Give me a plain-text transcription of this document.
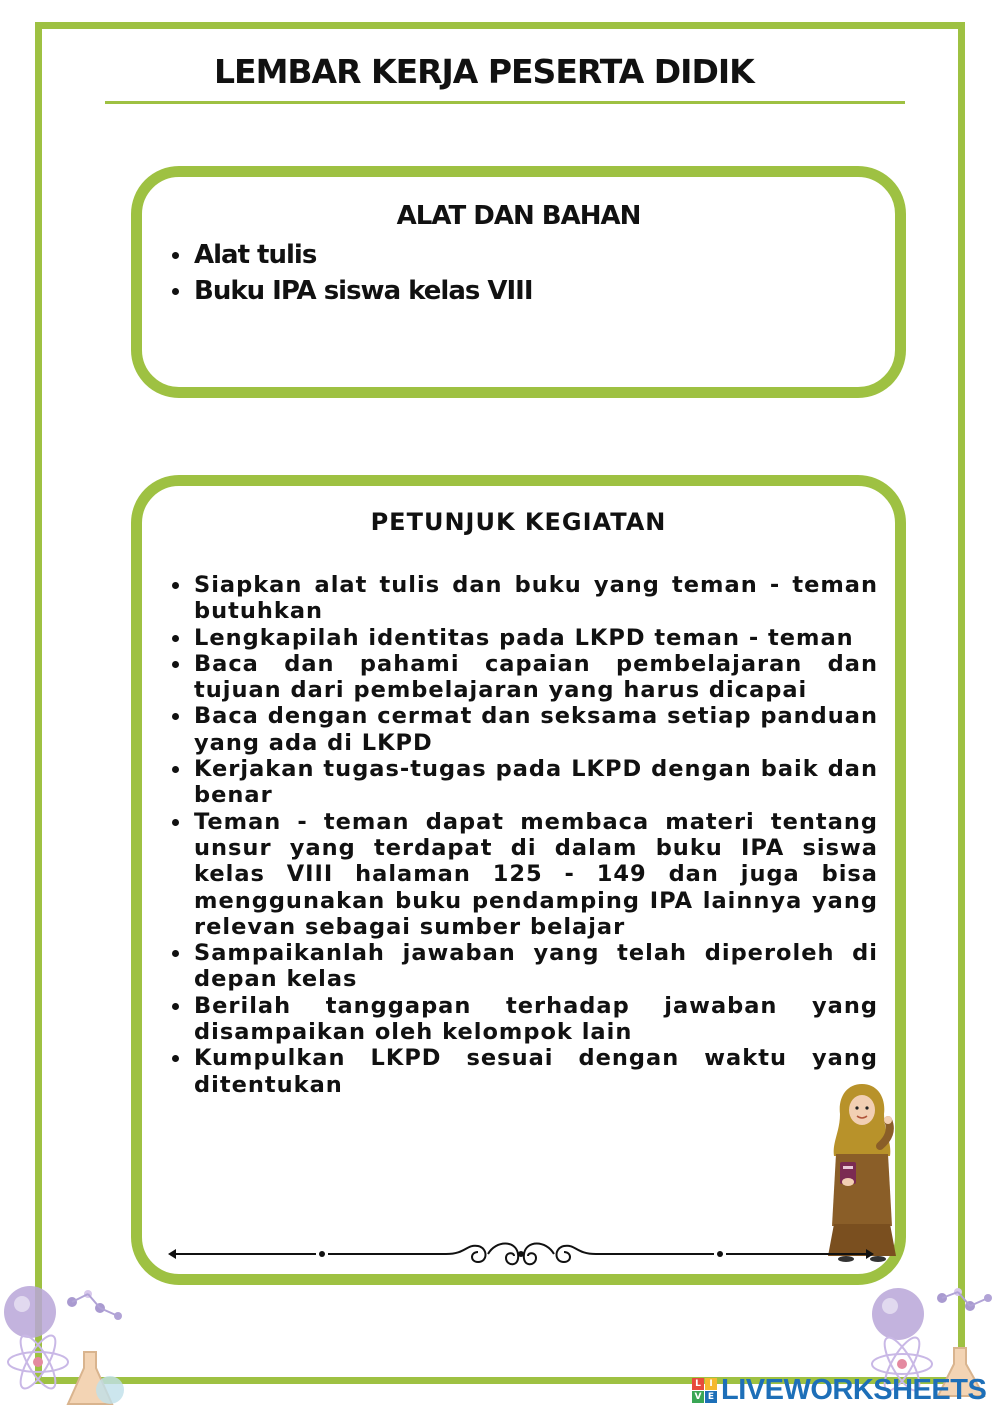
LEMBAR KERJA PESERTA DIDIK
ALAT DAN BAHAN
Alat tulis
Buku IPA siswa kelas VIII
PETUNJUK KEGIATAN
Siapkan alat tulis dan buku yang teman - teman butuhkan
Lengkapilah identitas pada LKPD teman - teman
Baca dan pahami capaian pembelajaran dan tujuan dari pembelajaran yang harus dicapai
Baca dengan cermat dan seksama setiap panduan yang ada di LKPD
Kerjakan tugas-tugas pada LKPD dengan baik dan benar
Teman - teman dapat membaca materi tentang unsur yang terdapat di dalam buku IPA siswa kelas VIII halaman 125 - 149 dan juga bisa menggunakan buku pendamping IPA lainnya yang relevan sebagai sumber belajar
Sampaikanlah jawaban yang telah diperoleh di depan kelas
Berilah tanggapan terhadap jawaban yang disampaikan oleh kelompok lain
Kumpulkan LKPD sesuai dengan waktu yang ditentukan
L I
V E LIVEWORKSHEETS
